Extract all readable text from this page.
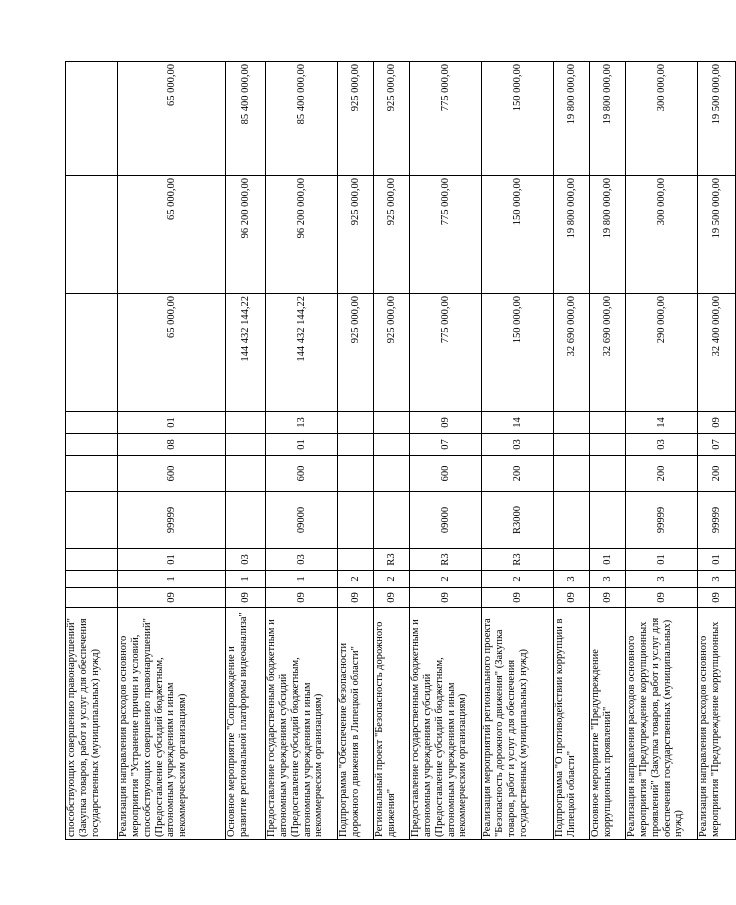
способствующих совершению правонарушений" (Закупка товаров, работ и услуг для обеспечения государственных (муниципальных) нужд)										
Реализация направления расходов основного мероприятия "Устранение причин и условий, способствующих совершению правонарушений" (Предоставление субсидий бюджетным, автономным учреждениям и иным некоммерческим организациям)	09	1	01	99999	600	08	01	65 000,00	65 000,00	65 000,00
Основное мероприятие "Сопровождение и развитие региональной платформы видеоанализа"	09	1	03					144 432 144,22	96 200 000,00	85 400 000,00
Предоставление государственным бюджетным и автономным учреждениям субсидий (Предоставление субсидий бюджетным, автономным учреждениям и иным некоммерческим организациям)	09	1	03	09000	600	01	13	144 432 144,22	96 200 000,00	85 400 000,00
Подпрограмма "Обеспечение безопасности дорожного движения в Липецкой области"	09	2						925 000,00	925 000,00	925 000,00
Региональный проект "Безопасность дорожного движения"	09	2	R3					925 000,00	925 000,00	925 000,00
Предоставление государственным бюджетным и автономным учреждениям субсидий (Предоставление субсидий бюджетным, автономным учреждениям и иным некоммерческим организациям)	09	2	R3	09000	600	07	09	775 000,00	775 000,00	775 000,00
Реализация мероприятий регионального проекта "Безопасность дорожного движения" (Закупка товаров, работ и услуг для обеспечения государственных (муниципальных) нужд)	09	2	R3	R3000	200	03	14	150 000,00	150 000,00	150 000,00
Подпрограмма "О противодействии коррупции в Липецкой области"	09	3						32 690 000,00	19 800 000,00	19 800 000,00
Основное мероприятие "Предупреждение коррупционных проявлений"	09	3	01					32 690 000,00	19 800 000,00	19 800 000,00
Реализация направления расходов основного мероприятия "Предупреждение коррупционных проявлений" (Закупка товаров, работ и услуг для обеспечения государственных (муниципальных) нужд)	09	3	01	99999	200	03	14	290 000,00	300 000,00	300 000,00
Реализация направления расходов основного мероприятия "Предупреждение коррупционных	09	3	01	99999	200	07	09	32 400 000,00	19 500 000,00	19 500 000,00
